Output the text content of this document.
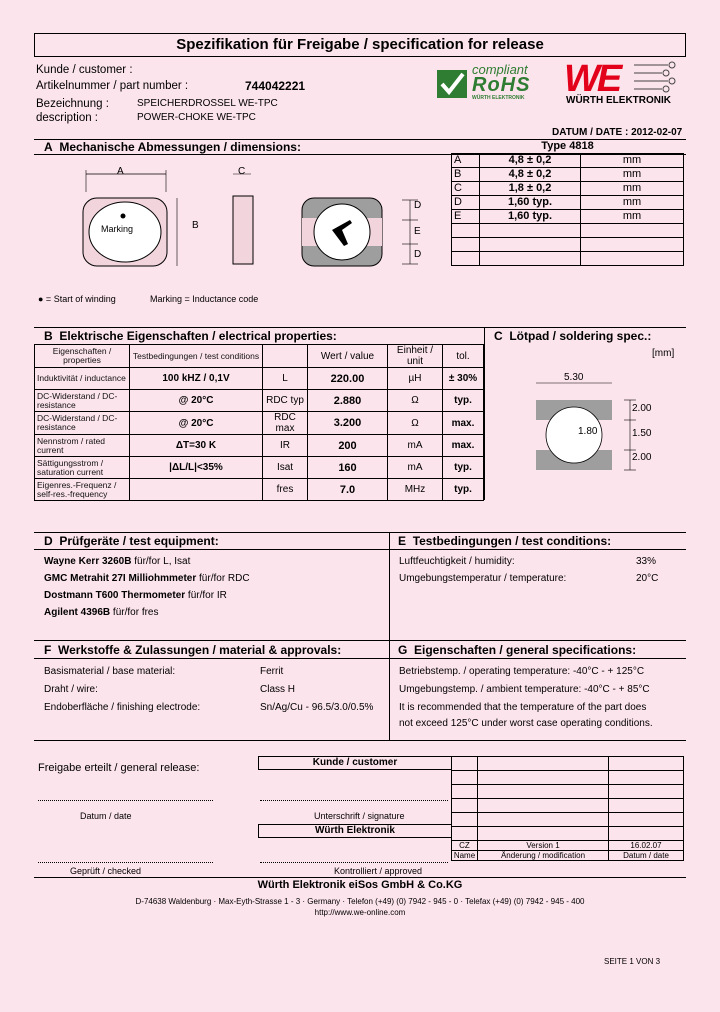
Spezifikation für Freigabe / specification for release
Kunde / customer :
Artikelnummer / part number :	744042221
Bezeichnung :	SPEICHERDROSSEL WE-TPC
description :	POWER-CHOKE WE-TPC
compliant
RoHS
WÜRTH ELEKTRONIK WE
WÜRTH ELEKTRONIK
DATUM / DATE : 2012-02-07
A Mechanische Abmessungen / dimensions:
A
B
C
Marking
D
E
D
Type 4818		
A	4,8 ± 0,2	mm
B	4,8 ± 0,2	mm
C	1,8 ± 0,2	mm
D	1,60 typ.	mm
E	1,60 typ.	mm

● = Start of winding	Marking = Inductance code
B Elektrische Eigenschaften / electrical properties:
Eigenschaften / properties	Testbedingungen / test conditions		Wert / value	Einheit / unit	tol.
Induktivität / inductance	100 kHZ / 0,1V	L	220.00	µH	± 30%
DC-Widerstand / DC-resistance	@ 20°C	RDC typ	2.880	Ω	typ.
DC-Widerstand / DC-resistance	@ 20°C	RDC max	3.200	Ω	max.
Nennstrom / rated current	ΔT=30 K	IR	200	mA	max.
Sättigungsstrom / saturation current	|ΔL/L|<35%	Isat	160	mA	typ.
Eigenres.-Frequenz / self-res.-frequency		fres	7.0	MHz	typ.
C Lötpad / soldering spec.:
[mm]
5.30
2.00
1.50
2.00
1.80
D Prüfgeräte / test equipment:
Wayne Kerr 3260B für/for L, Isat
GMC Metrahit 27I Milliohmmeter für/for RDC
Dostmann T600 Thermometer für/for IR
Agilent 4396B für/for fres
E Testbedingungen / test conditions:
Luftfeuchtigkeit / humidity:	33%
Umgebungstemperatur / temperature:	20°C
F Werkstoffe & Zulassungen / material & approvals:
Basismaterial / base material:	Ferrit
Draht / wire:	Class H
Endoberfläche / finishing electrode:	Sn/Ag/Cu - 96.5/3.0/0.5%
G Eigenschaften / general specifications:
Betriebstemp. / operating temperature: -40°C - + 125°C
Umgebungstemp. / ambient temperature: -40°C - + 85°C
It is recommended that the temperature of the part does
not exceed 125°C under worst case operating conditions.
Freigabe erteilt / general release:	Kunde / customer
Datum / date	Unterschrift / signature
Würth Elektronik
Geprüft / checked	Kontrolliert / approved

CZ	Version 1	16.02.07
Name	Änderung / modification	Datum / date
Würth Elektronik eiSos GmbH & Co.KG
D-74638 Waldenburg · Max-Eyth-Strasse 1 - 3 · Germany · Telefon (+49) (0) 7942 - 945 - 0 · Telefax (+49) (0) 7942 - 945 - 400
http://www.we-online.com
SEITE 1 VON 3
